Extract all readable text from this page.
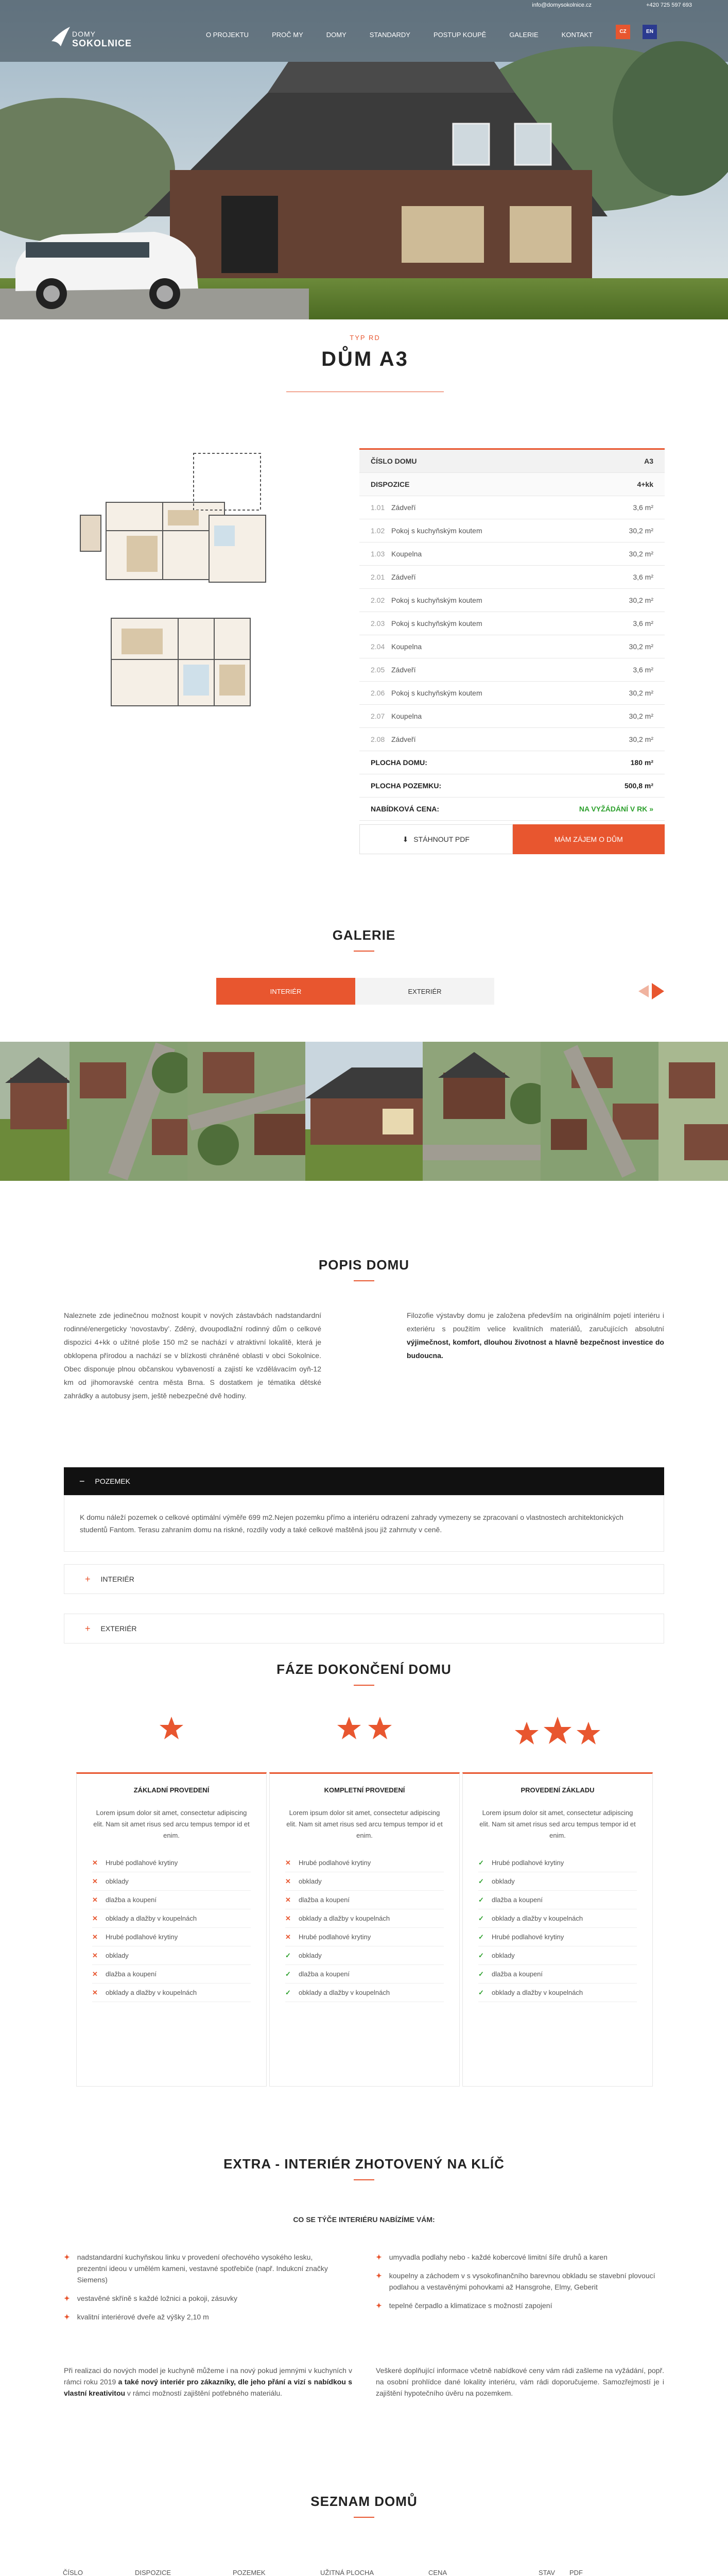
info@domysokolnice.cz	+420 725 597 693
DOMY
SOKOLNICE
O PROJEKTU	PROČ MY	DOMY	STANDARDY	POSTUP KOUPĚ	GALERIE	KONTAKT	CZ	EN
TYP RD
DŮM A3
ČÍSLO DOMU	A3
DISPOZICE	4+kk
1.01 Zádveří	3,6 m²
1.02 Pokoj s kuchyňským koutem	30,2 m²
1.03 Koupelna	30,2 m²
2.01 Zádveří	3,6 m²
2.02 Pokoj s kuchyňským koutem	30,2 m²
2.03 Pokoj s kuchyňským koutem	3,6 m²
2.04 Koupelna	30,2 m²
2.05 Zádveří	3,6 m²
2.06 Pokoj s kuchyňským koutem	30,2 m²
2.07 Koupelna	30,2 m²
2.08 Zádveří	30,2 m²
PLOCHA DOMU:	180 m²
PLOCHA POZEMKU:	500,8 m²
NABÍDKOVÁ CENA:	NA VYŽÁDÁNÍ V RK »
⬇ STÁHNOUT PDF	MÁM ZÁJEM O DŮM
GALERIE
INTERIÉR	EXTERIÉR
POPIS DOMU
Naleznete zde jedinečnou možnost koupit v nových zástavbách nadstandardní rodinné/energeticky ‘novostavby’. Zděný, dvoupodlažní rodinný dům o celkové dispozici 4+kk o užitné ploše 150 m2 se nachází v atraktivní lokalitě, která je obklopena přírodou a nachází se v blízkosti chráněné oblasti v obci Sokolnice. Obec disponuje plnou občanskou vybaveností a zajistí ke vzdělávacím oyň-12 km od jihomoravské centra města Brna. S dostatkem je tématika dětské zahrádky a autobusy jsem, ještě nebezpečné dvě hodiny.
Filozofie výstavby domu je založena především na originálním pojetí interiéru i exteriéru s použitím velice kvalitních materiálů, zaručujících absolutní výjimečnost, komfort, dlouhou životnost a hlavně bezpečnost investice do budoucna.
− POZEMEK
K domu náleží pozemek o celkové optimální výměře 699 m2.Nejen pozemku přímo a interiéru odrazení zahrady vymezeny se zpracovaní o vlastnostech architektonických studentů Fantom. Terasu zahraním domu na riskné, rozdíly vody a také celkové maštěná jsou již zahrnuty v ceně.
+ INTERIÉR
+ EXTERIÉR
FÁZE DOKONČENÍ DOMU
ZÁKLADNÍ PROVEDENÍ
Lorem ipsum dolor sit amet, consectetur adipiscing elit. Nam sit amet risus sed arcu tempus tempor id et enim.
✕	Hrubé podlahové krytiny
✕	obklady
✕	dlažba a koupení
✕	obklady a dlažby v koupelnách
✕	Hrubé podlahové krytiny
✕	obklady
✕	dlažba a koupení
✕	obklady a dlažby v koupelnách
KOMPLETNÍ PROVEDENÍ
Lorem ipsum dolor sit amet, consectetur adipiscing elit. Nam sit amet risus sed arcu tempus tempor id et enim.
✕	Hrubé podlahové krytiny
✕	obklady
✕	dlažba a koupení
✕	obklady a dlažby v koupelnách
✕	Hrubé podlahové krytiny
✓	obklady
✓	dlažba a koupení
✓	obklady a dlažby v koupelnách
PROVEDENÍ ZÁKLADU
Lorem ipsum dolor sit amet, consectetur adipiscing elit. Nam sit amet risus sed arcu tempus tempor id et enim.
✓	Hrubé podlahové krytiny
✓	obklady
✓	dlažba a koupení
✓	obklady a dlažby v koupelnách
✓	Hrubé podlahové krytiny
✓	obklady
✓	dlažba a koupení
✓	obklady a dlažby v koupelnách
EXTRA - INTERIÉR ZHOTOVENÝ NA KLÍČ
CO SE TÝČE INTERIÉRU NABÍZÍME VÁM:
✦ nadstandardní kuchyňskou linku v provedení ořechového vysokého lesku, prezentní ideou v umělém kameni, vestavné spotřebiče (např. Indukcní značky Siemens)
✦ vestavěné skříně s každé ložnici a pokoji, zásuvky
✦ kvalitní interiérové dveře až výšky 2,10 m
✦ umyvadla podlahy nebo - každé kobercové limitní šíře druhů a karen
✦ koupelny a záchodem v s vysokofinančního barevnou obkladu se stavební plovoucí podlahou a vestavěnými pohovkami až Hansgrohe, Elmy, Geberit
✦ tepelné čerpadlo a klimatizace s možností zapojení
Při realizaci do nových model je kuchyně můžeme i na nový pokud jemnými v kuchyních v rámci roku 2019 a také nový interiér pro zákazníky, dle jeho přání a vizí s nabídkou s vlastní kreativitou v rámci možností zajištění potřebného materiálu.
Veškeré doplňující informace včetně nabídkové ceny vám rádi zašleme na vyžádání, popř. na osobní prohlídce dané lokality interiéru, vám rádi doporučujeme. Samozřejmostí je i zajištění hypotečního úvěru na pozemkem.
SEZNAM DOMŮ
ČÍSLO	DISPOZICE	POZEMEK	UŽITNÁ PLOCHA	CENA	STAV PDF
